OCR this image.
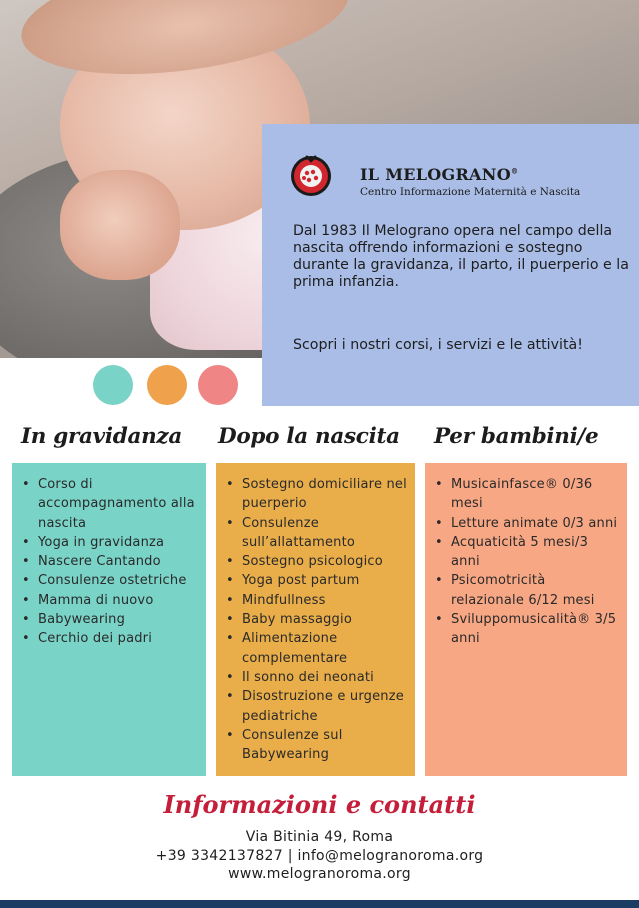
IL MELOGRANO®
Centro Informazione Maternità e Nascita

Dal 1983 Il Melograno opera nel campo della nascita offrendo informazioni e sostegno durante la gravidanza, il parto, il puerperio e la prima infanzia.

Scopri i nostri corsi, i servizi e le attività!

In gravidanza Dopo la nascita Per bambini/e
• Corso di accompagnamento alla nascita
• Yoga in gravidanza
• Nascere Cantando
• Consulenze ostetriche
• Mamma di nuovo
• Babywearing
• Cerchio dei padri
• Sostegno domiciliare nel puerperio
• Consulenze sull’allattamento
• Sostegno psicologico
• Yoga post partum
• Mindfullness
• Baby massaggio
• Alimentazione complementare
• Il sonno dei neonati
• Disostruzione e urgenze pediatriche
• Consulenze sul Babywearing
• Musicainfasce® 0/36 mesi
• Letture animate 0/3 anni
• Acquaticità 5 mesi/3 anni
• Psicomotricità relazionale 6/12 mesi
• Sviluppomusicalità® 3/5 anni
Informazioni e contatti
Via Bitinia 49, Roma
+39 3342137827 | info@melogranoroma.org
www.melogranoroma.org
